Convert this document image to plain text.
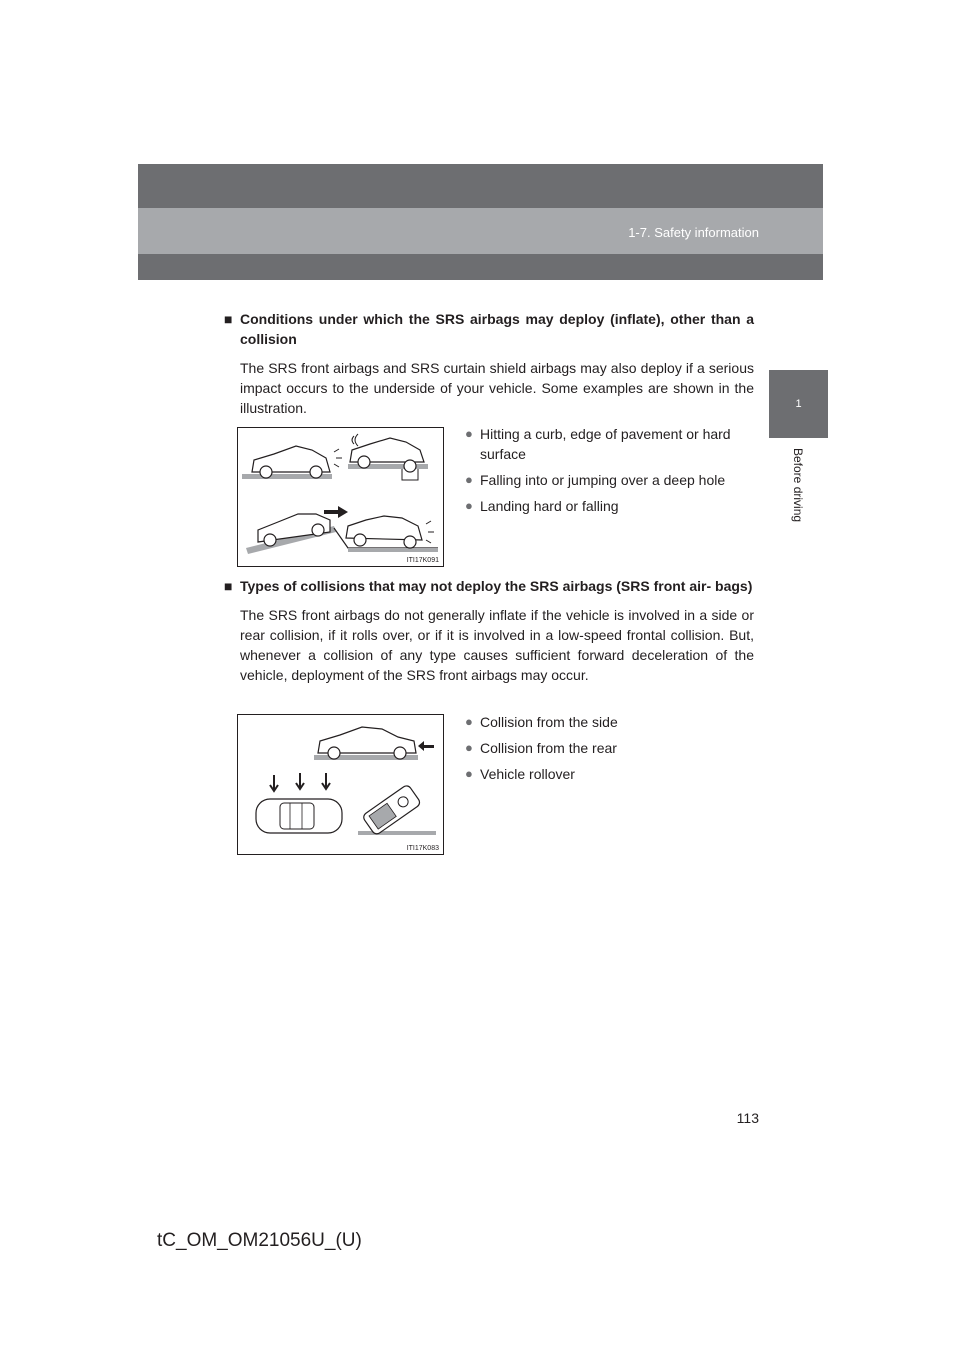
1-7. Safety information
1
Before driving
■ Conditions under which the SRS airbags may deploy (inflate), other than a collision
The SRS front airbags and SRS curtain shield airbags may also deploy if a serious impact occurs to the underside of your vehicle. Some examples are shown in the illustration.
ITI17K091
● Hitting a curb, edge of pavement or hard surface
● Falling into or jumping over a deep hole
● Landing hard or falling
■ Types of collisions that may not deploy the SRS airbags (SRS front air- bags)
The SRS front airbags do not generally inflate if the vehicle is involved in a side or rear collision, if it rolls over, or if it is involved in a low-speed frontal collision. But, whenever a collision of any type causes sufficient forward deceleration of the vehicle, deployment of the SRS front airbags may occur.
ITI17K083
● Collision from the side
● Collision from the rear
● Vehicle rollover
113
tC_OM_OM21056U_(U)
